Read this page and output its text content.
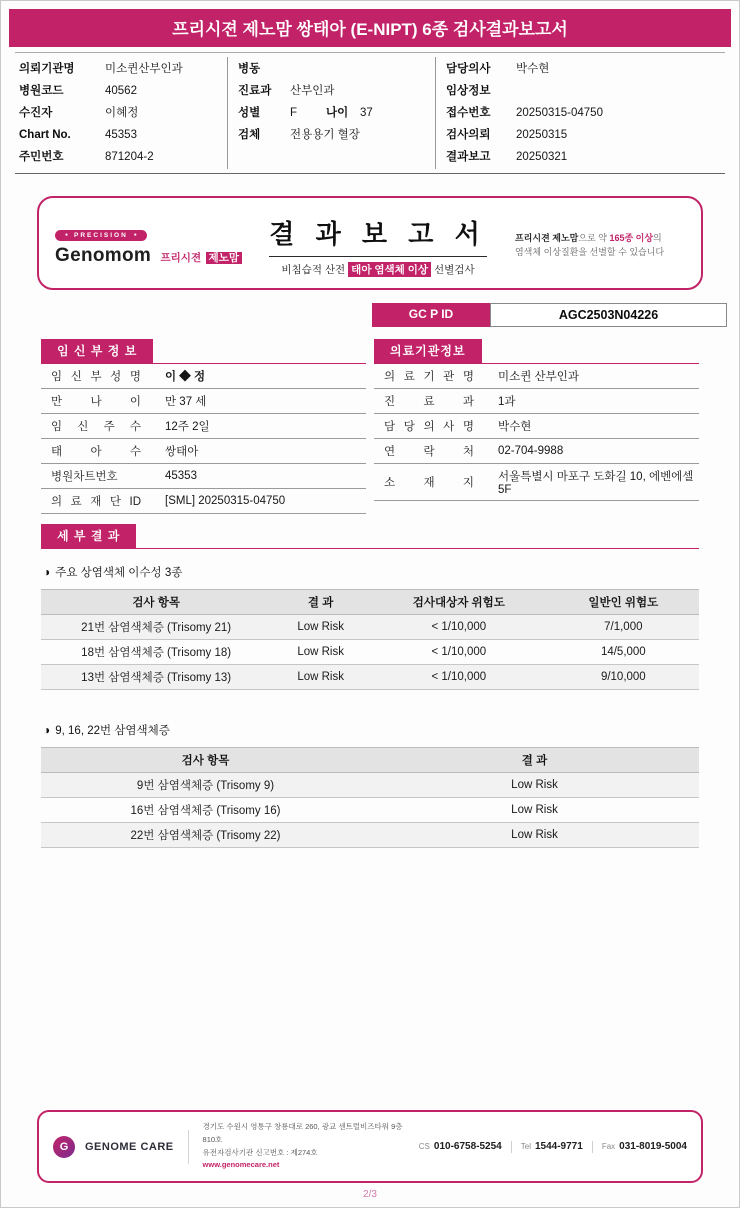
프리시젼 제노맘 쌍태아 (E-NIPT) 6종 검사결과보고서
의뢰기관명	미소퀸산부인과
병원코드	40562
수진자	이혜정
Chart No.	45353
주민번호	871204-2
병동
진료과	산부인과
성별	F	나이	37
검체	전용용기 혈장
담당의사	박수현
임상정보
접수번호	20250315-04750
검사의뢰	20250315
결과보고	20250321
● PRECISION ●
Genomom 프리시젼 제노맘
결 과 보 고 서
비침습적 산전 태아 염색체 이상 선별검사
프리시젼 제노맘으로 약 165종 이상의
염색체 이상질환을 선별할 수 있습니다
GC P ID	AGC2503N04226
임 신 부 정 보
임 신 부 성 명	이 ◆ 정
만 나 이	만 37 세
임 신 주 수	12주 2일
태 아 수	쌍태아
병원차트번호	45353
의 료 재 단 ID	[SML] 20250315-04750
의료기관정보
의 료 기 관 명	미소퀸 산부인과
진 료 과	1과
담 당 의 사 명	박수현
연 락 처	02-704-9988
소 재 지	서울특별시 마포구 도화길 10, 에벤에셀 5F
세 부 결 과
◑ 주요 상염색체 이수성 3종
검사 항목	결 과	검사대상자 위험도	일반인 위험도
21번 삼염색체증 (Trisomy 21)	Low Risk	< 1/10,000	7/1,000
18번 삼염색체증 (Trisomy 18)	Low Risk	< 1/10,000	14/5,000
13번 삼염색체증 (Trisomy 13)	Low Risk	< 1/10,000	9/10,000
◑ 9, 16, 22번 삼염색체증
검사 항목	결 과
9번 삼염색체증 (Trisomy 9)	Low Risk
16번 삼염색체증 (Trisomy 16)	Low Risk
22번 삼염색체증 (Trisomy 22)	Low Risk
G GENOME CARE
경기도 수원시 영통구 창룡대로 260, 광교 센트럴비즈타워 9층 810호
유전자검사기관 신고번호 : 제274호
www.genomecare.net
CS 010-6758-5254 Tel 1544-9771 Fax 031-8019-5004
2/3
